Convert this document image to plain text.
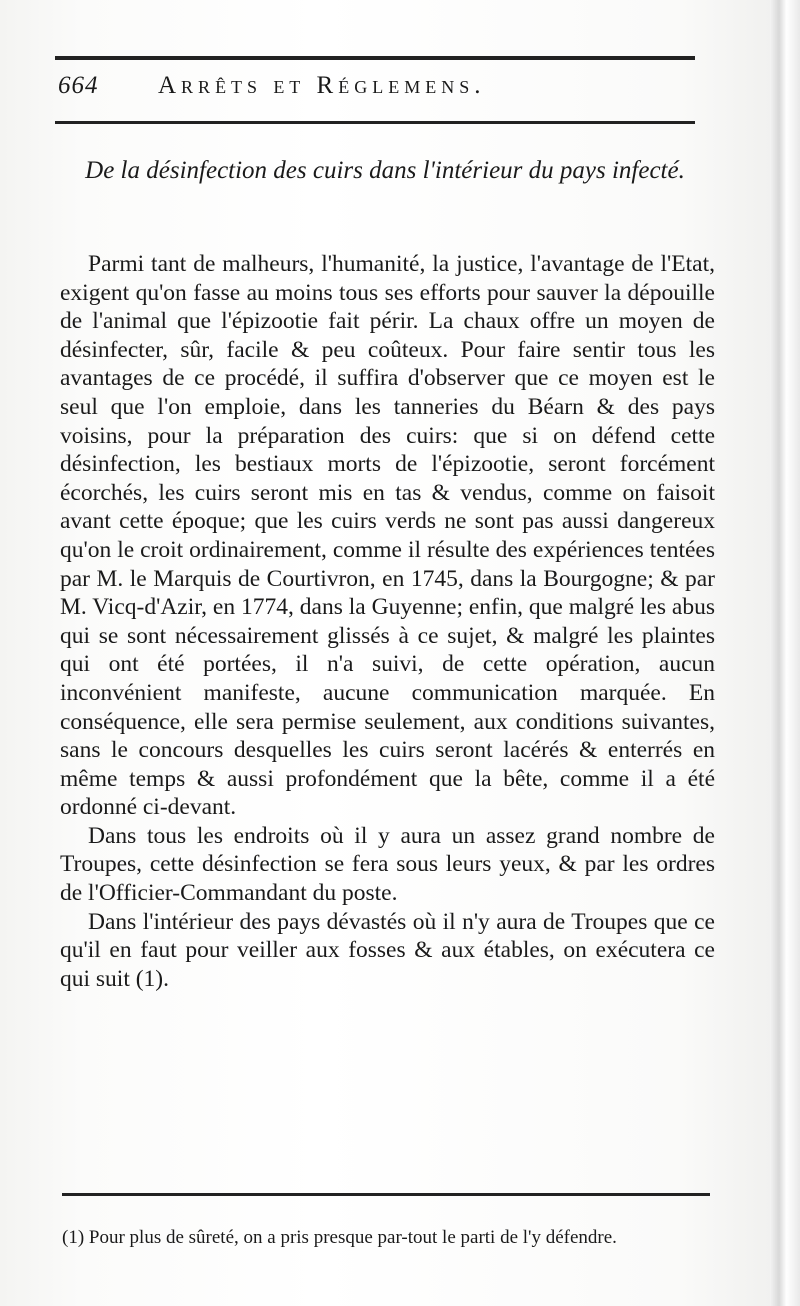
664 Arrêts et Réglemens.
De la désinfection des cuirs dans l'intérieur du pays infecté.

Parmi tant de malheurs, l'humanité, la justice, l'avantage de l'Etat, exigent qu'on fasse au moins tous ses efforts pour sauver la dépouille de l'animal que l'épizootie fait périr. La chaux offre un moyen de désinfecter, sûr, facile & peu coûteux. Pour faire sentir tous les avantages de ce procédé, il suffira d'observer que ce moyen est le seul que l'on emploie, dans les tanneries du Béarn & des pays voisins, pour la préparation des cuirs: que si on défend cette désinfection, les bestiaux morts de l'épizootie, seront forcément écorchés, les cuirs seront mis en tas & vendus, comme on faisoit avant cette époque; que les cuirs verds ne sont pas aussi dangereux qu'on le croit ordinairement, comme il résulte des expériences tentées par M. le Marquis de Courtivron, en 1745, dans la Bourgogne; & par M. Vicq-d'Azir, en 1774, dans la Guyenne; enfin, que malgré les abus qui se sont nécessairement glissés à ce sujet, & malgré les plaintes qui ont été portées, il n'a suivi, de cette opération, aucun inconvénient manifeste, aucune communication marquée. En conséquence, elle sera permise seulement, aux conditions suivantes, sans le concours desquelles les cuirs seront lacérés & enterrés en même temps & aussi profondément que la bête, comme il a été ordonné ci-devant.

Dans tous les endroits où il y aura un assez grand nombre de Troupes, cette désinfection se fera sous leurs yeux, & par les ordres de l'Officier-Commandant du poste.

Dans l'intérieur des pays dévastés où il n'y aura de Troupes que ce qu'il en faut pour veiller aux fosses & aux étables, on exécutera ce qui suit (1).

(1) Pour plus de sûreté, on a pris presque par-tout le parti de l'y défendre.
